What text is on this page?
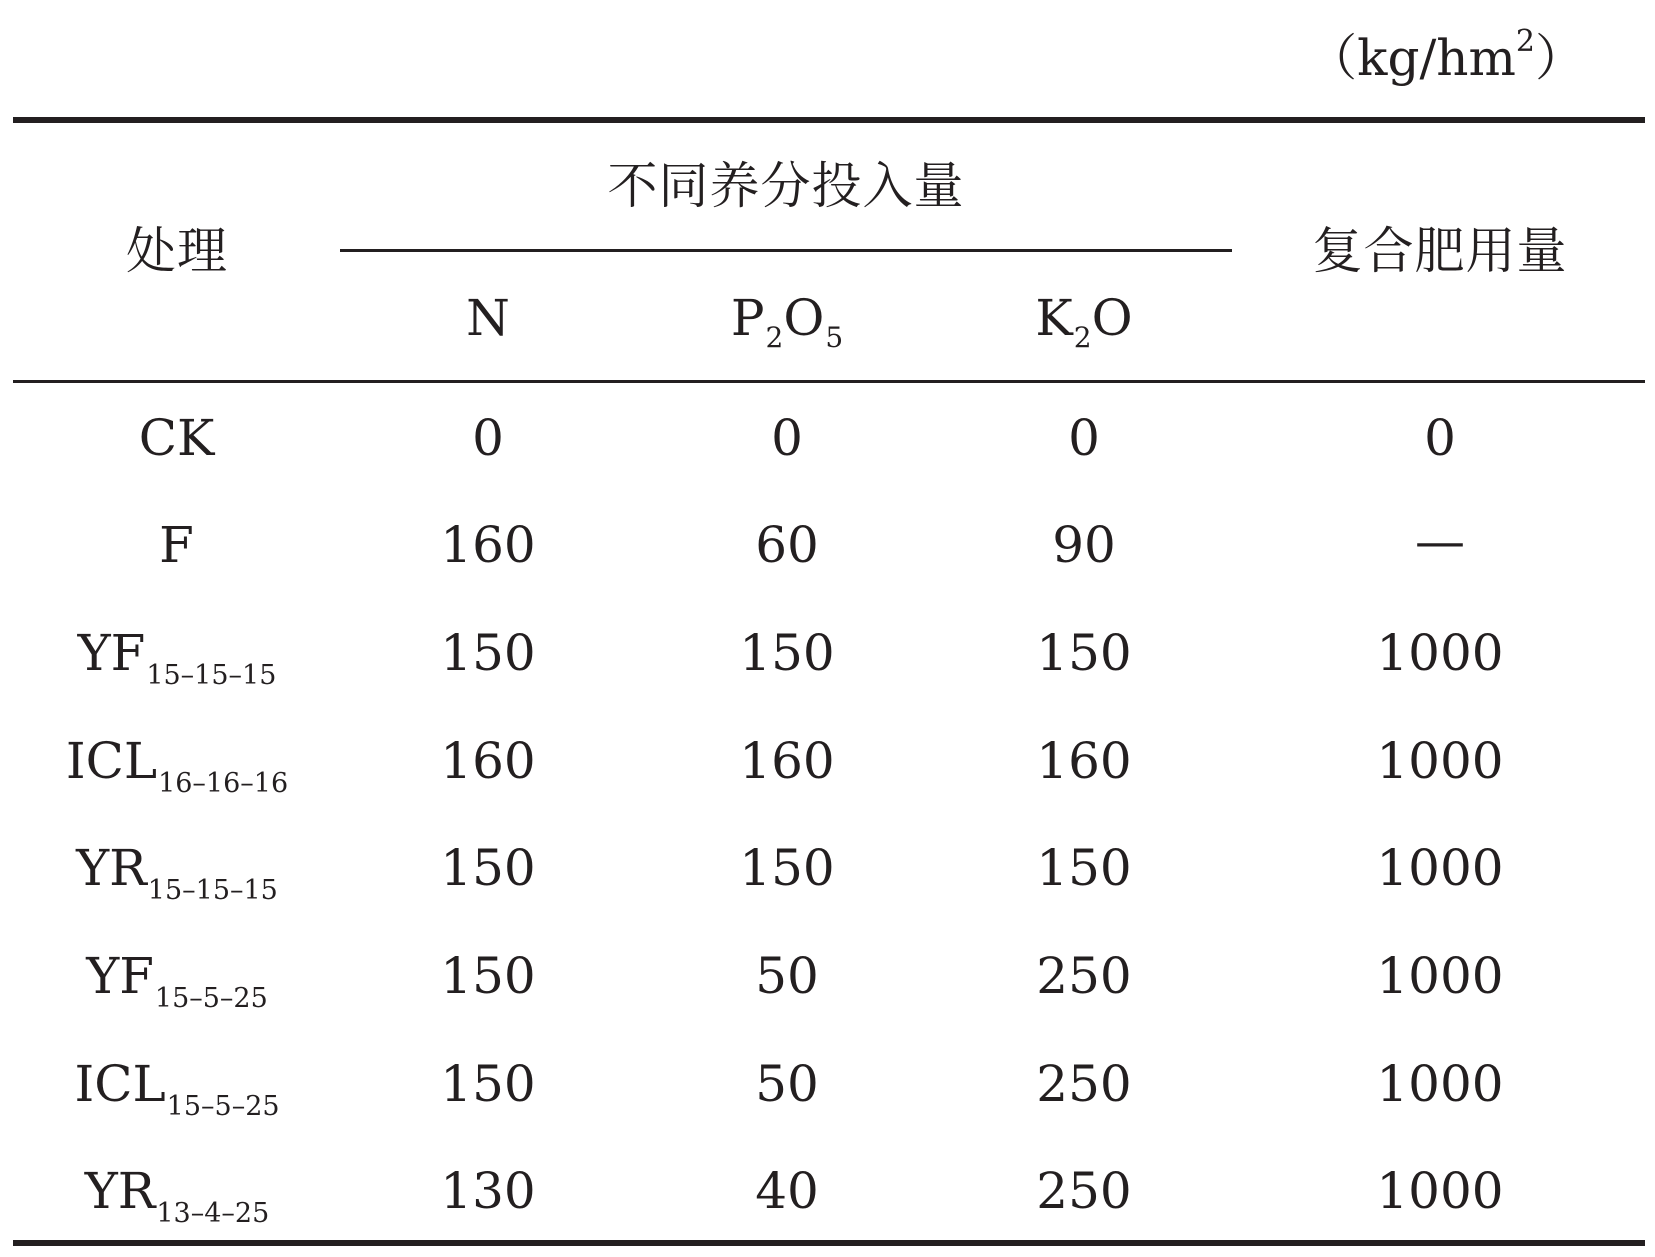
$(kg/hm^2)$
处理
不同养分投入量
复合肥用量
N	$P_2O_5$	$K_2O$
CK	0	0	0	0
F	160	60	90	—
$YF_{15-15-15}$	150	150	150	1000
$ICL_{16-16-16}$	160	160	160	1000
$YR_{15-15-15}$	150	150	150	1000
$YF_{15-5-25}$	150	50	250	1000
$ICL_{15-5-25}$	150	50	250	1000
$YR_{13-4-25}$	130	40	250	1000
